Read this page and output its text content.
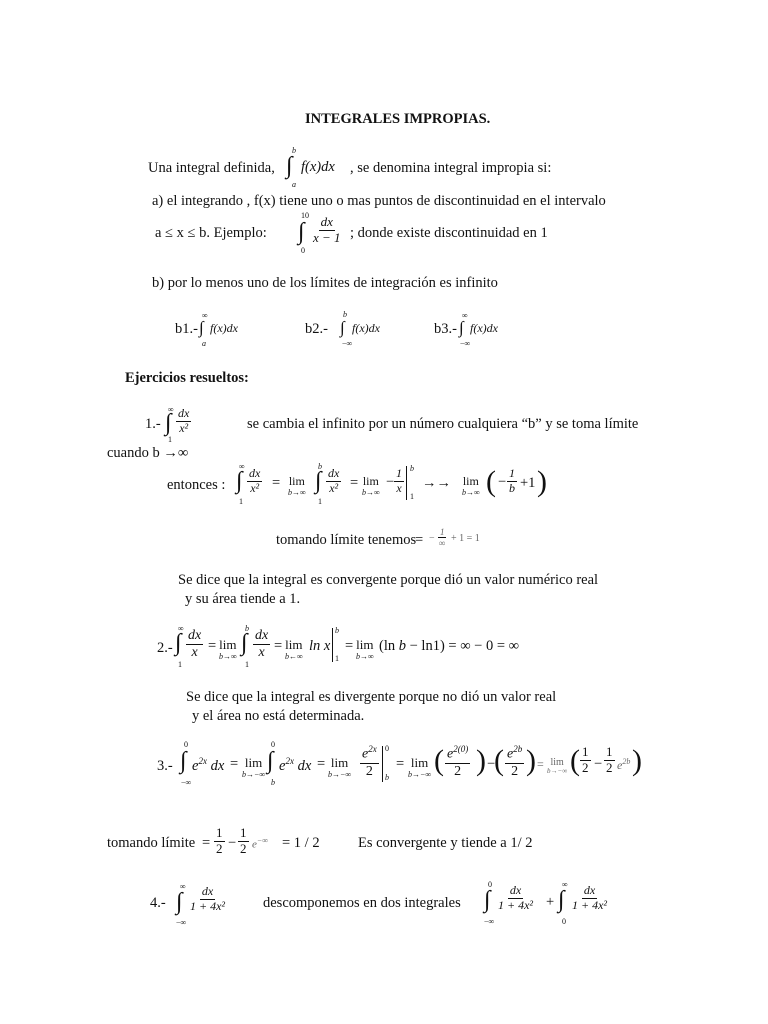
INTEGRALES IMPROPIAS.
Una integral definida,
b
∫
a
f(x)dx , se denomina integral impropia si:
a) el integrando , f(x) tiene uno o mas puntos de discontinuidad en el intervalo
a ≤ x ≤ b. Ejemplo:
10
∫
0
$\frac{dx}{x - 1}$ ; donde existe discontinuidad en 1
b) por lo menos uno de los límites de integración es infinito
b1.-
∞
∫
a
f(x)dx	b2.-
b
∫
−∞
f(x)dx	b3.-
∞
∫
−∞
f(x)dx
Ejercicios resueltos:
1.-
∞
∫
1
$\frac{dx}{\text{x²}}$	se cambia el infinito por un número cualquiera “b” y se toma límite
cuando b →∞
entonces :
∞
∫
1
$\frac{dx}{\text{x²}} = \lim$
b→∞
b
∫
1
$\frac{dx}{\text{x²}} = \lim$
b→∞
− $\frac{1}{x}$ b
1
→→ lim
b→∞ ( − $\frac{1}{b} +1$ )
tomando límite tenemos
= −
1
∞ + 1 = 1
Se dice que la integral es convergente porque dió un valor numérico real
y su área tiende a 1.
2.-
∞
∫
1
$\frac{dx}{x} = \lim$
b→∞
b
∫
1
$\frac{dx}{x} = \lim$
b←∞
ln x
b
1
= lim
b→∞
(ln b − ln1) = ∞ − 0 = ∞
Se dice que la integral es divergente porque no dió un valor real
y el área no está determinada.
3.-
0
∫
−∞
$e^{2x}$ dx = lim
b→−∞
0
∫
b
$e^{2x}$ dx = lim
$b\to-\infty \frac{e^{2x}}{2} 0$
b
= lim
b→−∞ ( $\frac{e^{2(0)}}{2}$ ) −
( $\frac{e^{2b}}{2}$ ) = lim
b→−∞ ( $\frac{1}{2} - \frac{1}{2} e^{2b}$ )
tomando límite = $\frac{1}{2} - \frac{1}{2} e^{-\infty} = 1 / 2$	Es convergente y tiende a 1/ 2
4.-
∞
∫
−∞
$\frac{dx}{\text{1 + 4x²}}$ descomponemos en dos integrales
0
∫
−∞
$\frac{dx}{\text{1 + 4x²}}$ +
∞
∫
0
$\frac{dx}{\text{1 + 4x²}}$
